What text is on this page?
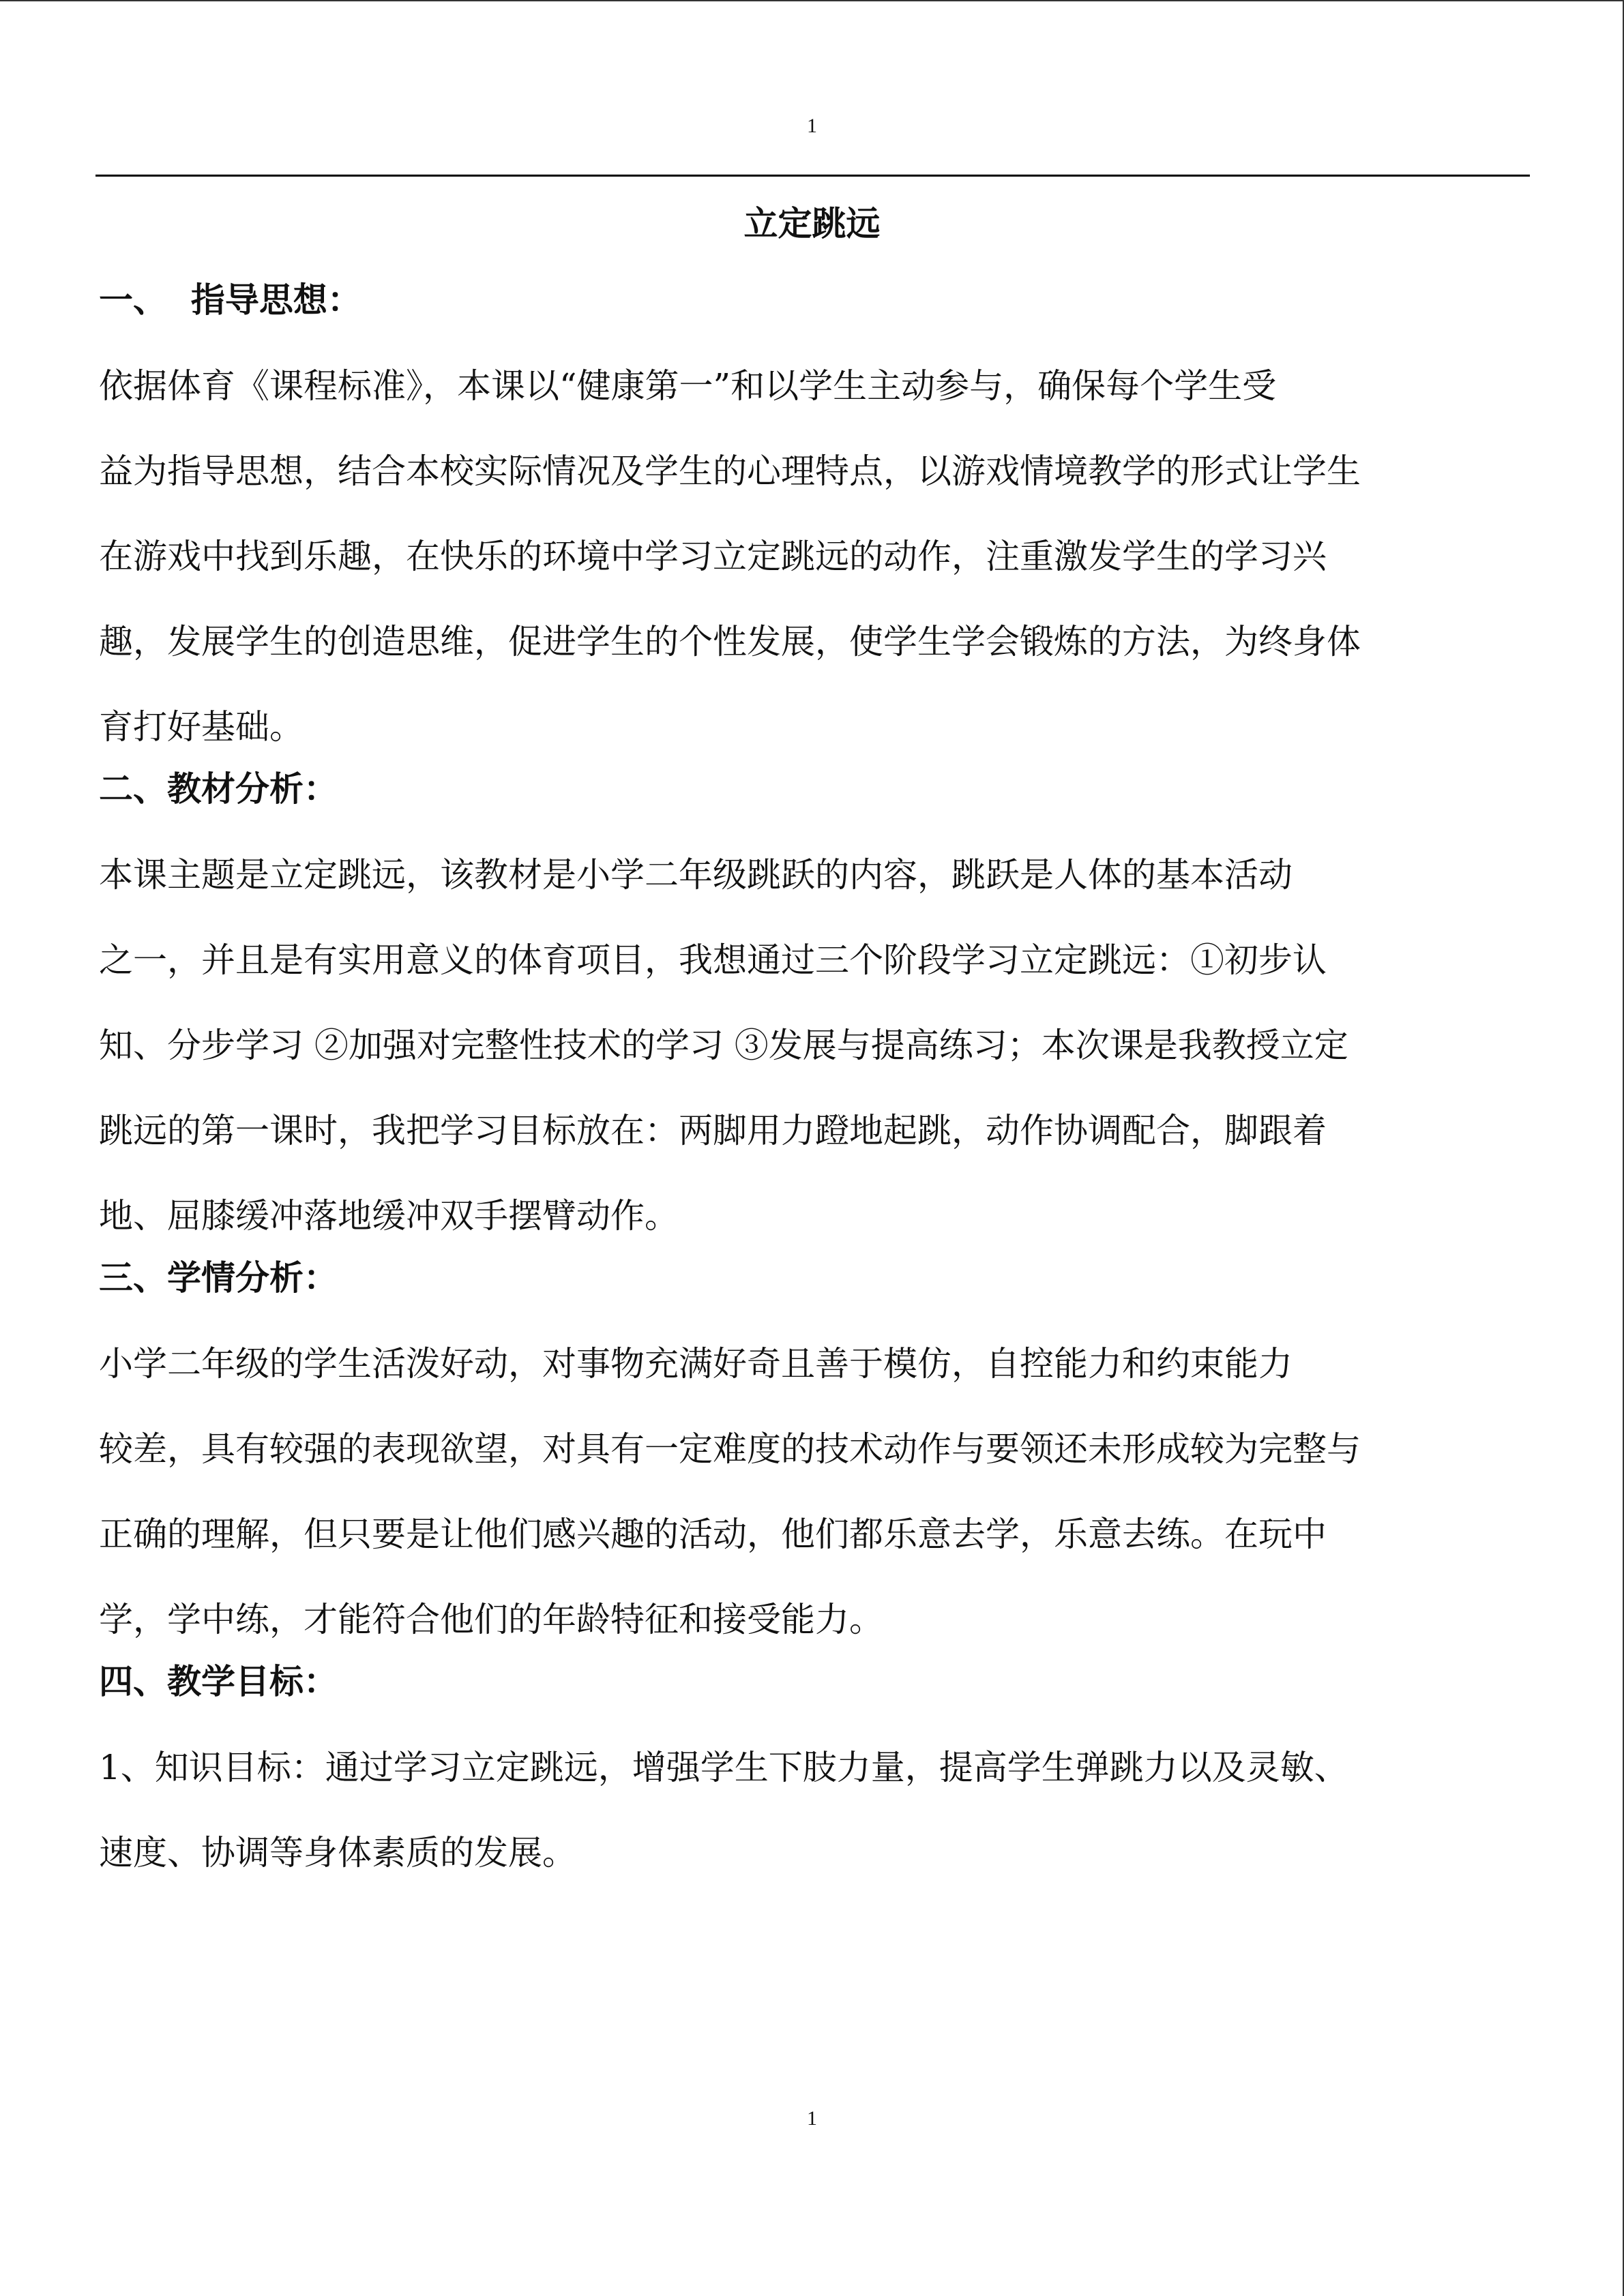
1
立定跳远
一、  指导思想：

依据体育《课程标准》，本课以“健康第一”和以学生主动参与，确保每个学生受

益为指导思想，结合本校实际情况及学生的心理特点，以游戏情境教学的形式让学生

在游戏中找到乐趣，在快乐的环境中学习立定跳远的动作，注重激发学生的学习兴

趣，发展学生的创造思维，促进学生的个性发展，使学生学会锻炼的方法，为终身体

育打好基础。

二、教材分析：

本课主题是立定跳远，该教材是小学二年级跳跃的内容，跳跃是人体的基本活动

之一，并且是有实用意义的体育项目，我想通过三个阶段学习立定跳远：①初步认

知、分步学习 ②加强对完整性技术的学习 ③发展与提高练习；本次课是我教授立定

跳远的第一课时，我把学习目标放在：两脚用力蹬地起跳，动作协调配合，脚跟着

地、屈膝缓冲落地缓冲双手摆臂动作。

三、学情分析：

小学二年级的学生活泼好动，对事物充满好奇且善于模仿，自控能力和约束能力

较差，具有较强的表现欲望，对具有一定难度的技术动作与要领还未形成较为完整与

正确的理解，但只要是让他们感兴趣的活动，他们都乐意去学，乐意去练。在玩中

学，学中练，才能符合他们的年龄特征和接受能力。

四、教学目标：

1、知识目标：通过学习立定跳远，增强学生下肢力量，提高学生弹跳力以及灵敏、

速度、协调等身体素质的发展。

1
